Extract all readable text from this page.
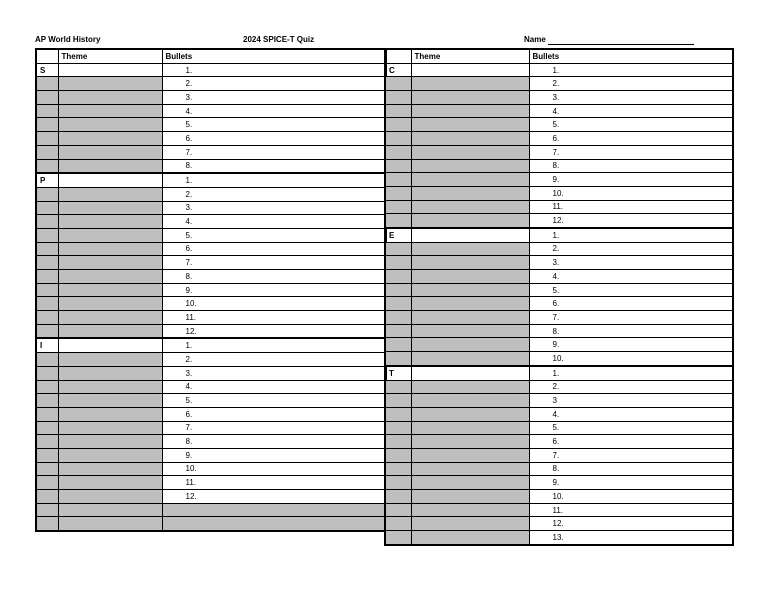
AP World History	2024 SPICE-T Quiz	Name
	Theme	Bullets
S		1.
		2.
		3.
		4.
		5.
		6.
		7.
		8.
P		1.
		2.
		3.
		4.
		5.
		6.
		7.
		8.
		9.
		10.
		11.
		12.
I		1.
		2.
		3.
		4.
		5.
		6.
		7.
		8.
		9.
		10.
		11.
		12.

	Theme	Bullets
C		1.
		2.
		3.
		4.
		5.
		6.
		7.
		8.
		9.
		10.
		11.
		12.
E		1.
		2.
		3.
		4.
		5.
		6.
		7.
		8.
		9.
		10.
T		1.
		2.
		3
		4.
		5.
		6.
		7.
		8.
		9.
		10.
		11.
		12.
		13.
